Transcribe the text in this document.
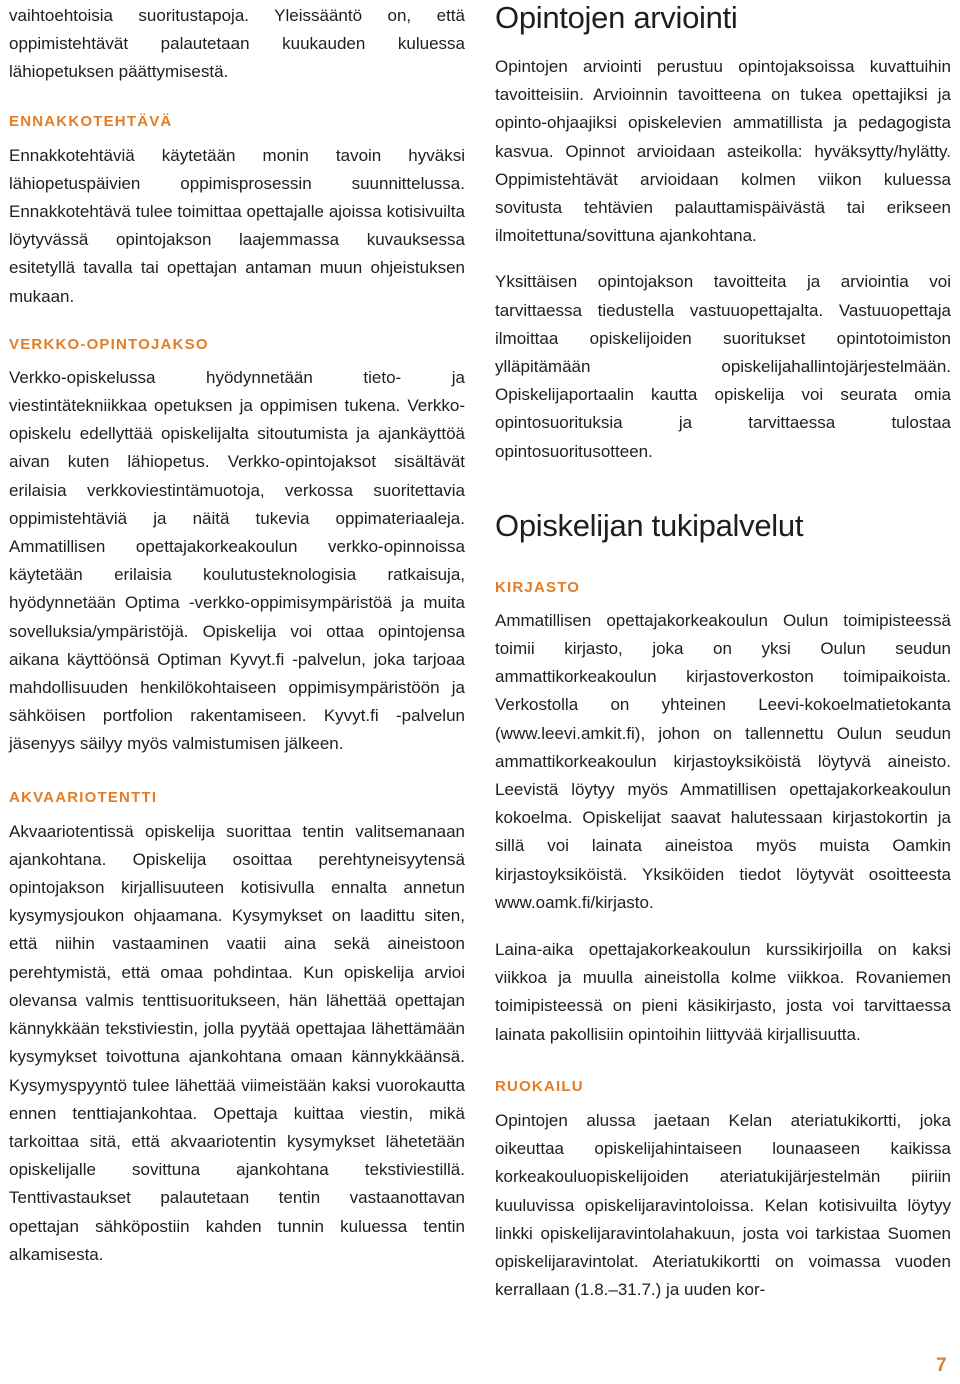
vaihtoehtoisia suoritustapoja. Yleissääntö on, että oppimistehtävät palautetaan kuukauden kuluessa lähiopetuksen päättymisestä.

ENNAKKOTEHTÄVÄ

Ennakkotehtäviä käytetään monin tavoin hyväksi lähiopetuspäivien oppimisprosessin suunnittelussa. Ennakkotehtävä tulee toimittaa opettajalle ajoissa kotisivuilta löytyvässä opintojakson laajemmassa kuvauksessa esitetyllä tavalla tai opettajan antaman muun ohjeistuksen mukaan.

VERKKO-OPINTOJAKSO

Verkko-opiskelussa hyödynnetään tieto- ja viestintätekniikkaa opetuksen ja oppimisen tukena. Verkko-opiskelu edellyttää opiskelijalta sitoutumista ja ajankäyttöä aivan kuten lähiopetus. Verkko-opintojaksot sisältävät erilaisia verkkoviestintämuotoja, verkossa suoritettavia oppimistehtäviä ja näitä tukevia oppimateriaaleja. Ammatillisen opettajakorkeakoulun verkko-opinnoissa käytetään erilaisia koulutusteknologisia ratkaisuja, hyödynnetään Optima -verkko-oppimisympäristöä ja muita sovelluksia/ympäristöjä. Opiskelija voi ottaa opintojensa aikana käyttöönsä Optiman Kyvyt.fi -palvelun, joka tarjoaa mahdollisuuden henkilökohtaiseen oppimisympäristöön ja sähköisen portfolion rakentamiseen. Kyvyt.fi -palvelun jäsenyys säilyy myös valmistumisen jälkeen.

AKVAARIOTENTTI

Akvaariotentissä opiskelija suorittaa tentin valitsemanaan ajankohtana. Opiskelija osoittaa perehtyneisyytensä opintojakson kirjallisuuteen kotisivulla ennalta annetun kysymysjoukon ohjaamana. Kysymykset on laadittu siten, että niihin vastaaminen vaatii aina sekä aineistoon perehtymistä, että omaa pohdintaa. Kun opiskelija arvioi olevansa valmis tenttisuoritukseen, hän lähettää opettajan kännykkään tekstiviestin, jolla pyytää opettajaa lähettämään kysymykset toivottuna ajankohtana omaan kännykkäänsä. Kysymyspyyntö tulee lähettää viimeistään kaksi vuorokautta ennen tenttiajankohtaa. Opettaja kuittaa viestin, mikä tarkoittaa sitä, että akvaariotentin kysymykset lähetetään opiskelijalle sovittuna ajankohtana tekstiviestillä. Tenttivastaukset palautetaan tentin vastaanottavan opettajan sähköpostiin kahden tunnin kuluessa tentin alkamisesta.

Opintojen arviointi

Opintojen arviointi perustuu opintojaksoissa kuvattuihin tavoitteisiin. Arvioinnin tavoitteena on tukea opettajiksi ja opinto-ohjaajiksi opiskelevien ammatillista ja pedagogista kasvua. Opinnot arvioidaan asteikolla: hyväksytty/hylätty. Oppimistehtävät arvioidaan kolmen viikon kuluessa sovitusta tehtävien palauttamispäivästä tai erikseen ilmoitettuna/sovittuna ajankohtana.

Yksittäisen opintojakson tavoitteita ja arviointia voi tarvittaessa tiedustella vastuuopettajalta. Vastuuopettaja ilmoittaa opiskelijoiden suoritukset opintotoimiston ylläpitämään opiskelijahallintojärjestelmään. Opiskelijaportaalin kautta opiskelija voi seurata omia opintosuorituksia ja tarvittaessa tulostaa opintosuoritusotteen.

Opiskelijan tukipalvelut
KIRJASTO

Ammatillisen opettajakorkeakoulun Oulun toimipisteessä toimii kirjasto, joka on yksi Oulun seudun ammattikorkeakoulun kirjastoverkoston toimipaikoista. Verkostolla on yhteinen Leevi-kokoelmatietokanta (www.leevi.amkit.fi), johon on tallennettu Oulun seudun ammattikorkeakoulun kirjastoyksiköistä löytyvä aineisto. Leevistä löytyy myös Ammatillisen opettajakorkeakoulun kokoelma. Opiskelijat saavat halutessaan kirjastokortin ja sillä voi lainata aineistoa myös muista Oamkin kirjastoyksiköistä. Yksiköiden tiedot löytyvät osoitteesta www.oamk.fi/kirjasto.

Laina-aika opettajakorkeakoulun kurssikirjoilla on kaksi viikkoa ja muulla aineistolla kolme viikkoa. Rovaniemen toimipisteessä on pieni käsikirjasto, josta voi tarvittaessa lainata pakollisiin opintoihin liittyvää kirjallisuutta.

RUOKAILU

Opintojen alussa jaetaan Kelan ateriatukikortti, joka oikeuttaa opiskelijahintaiseen lounaaseen kaikissa korkeakouluopiskelijoiden ateriatukijärjestelmän piiriin kuuluvissa opiskelijaravintoloissa. Kelan kotisivuilta löytyy linkki opiskelijaravintolahakuun, josta voi tarkistaa Suomen opiskelijaravintolat. Ateriatukikortti on voimassa vuoden kerrallaan (1.8.–31.7.) ja uuden kor-

7
